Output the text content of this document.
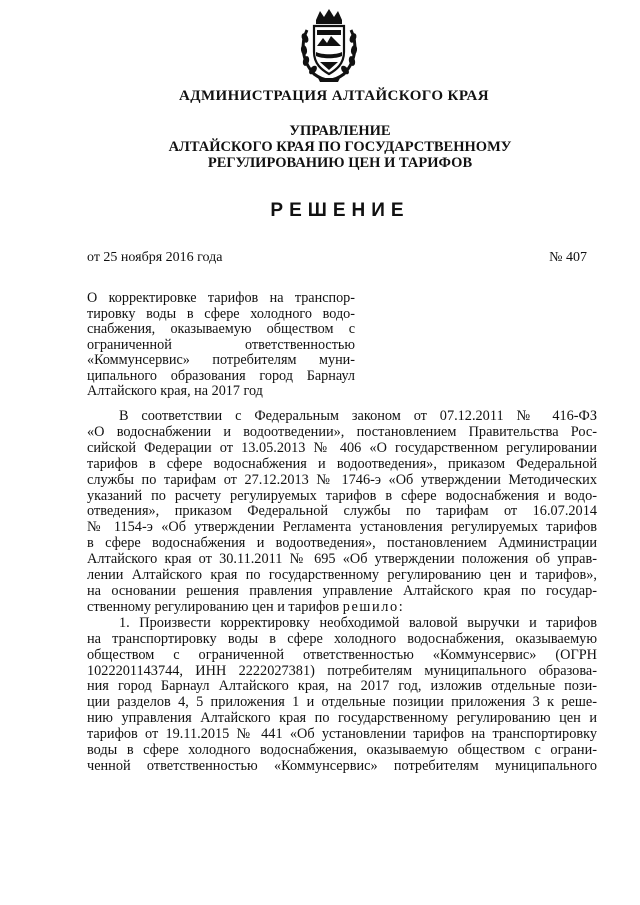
АДМИНИСТРАЦИЯ АЛТАЙСКОГО КРАЯ
УПРАВЛЕНИЕ
АЛТАЙСКОГО КРАЯ ПО ГОСУДАРСТВЕННОМУ
РЕГУЛИРОВАНИЮ ЦЕН И ТАРИФОВ
РЕШЕНИЕ
от 25 ноября 2016 года	№ 407
О корректировке тарифов на транспор-
тировку воды в сфере холодного водо-
снабжения, оказываемую обществом с
ограниченной ответственностью
«Коммунсервис» потребителям муни-
ципального образования город Барнаул
Алтайского края, на 2017 год

В соответствии с Федеральным законом от 07.12.2011 № 416-ФЗ
«О водоснабжении и водоотведении», постановлением Правительства Рос-
сийской Федерации от 13.05.2013 № 406 «О государственном регулировании
тарифов в сфере водоснабжения и водоотведения», приказом Федеральной
службы по тарифам от 27.12.2013 № 1746-э «Об утверждении Методических
указаний по расчету регулируемых тарифов в сфере водоснабжения и водо-
отведения», приказом Федеральной службы по тарифам от 16.07.2014
№ 1154-э «Об утверждении Регламента установления регулируемых тарифов
в сфере водоснабжения и водоотведения», постановлением Администрации
Алтайского края от 30.11.2011 № 695 «Об утверждении положения об управ-
лении Алтайского края по государственному регулированию цен и тарифов»,
на основании решения правления управление Алтайского края по государ-
ственному регулированию цен и тарифов решило:

1. Произвести корректировку необходимой валовой выручки и тарифов
на транспортировку воды в сфере холодного водоснабжения, оказываемую
обществом с ограниченной ответственностью «Коммунсервис» (ОГРН
1022201143744, ИНН 2222027381) потребителям муниципального образова-
ния город Барнаул Алтайского края, на 2017 год, изложив отдельные пози-
ции разделов 4, 5 приложения 1 и отдельные позиции приложения 3 к реше-
нию управления Алтайского края по государственному регулированию цен и
тарифов от 19.11.2015 № 441 «Об установлении тарифов на транспортировку
воды в сфере холодного водоснабжения, оказываемую обществом с ограни-
ченной ответственностью «Коммунсервис» потребителям муниципального
